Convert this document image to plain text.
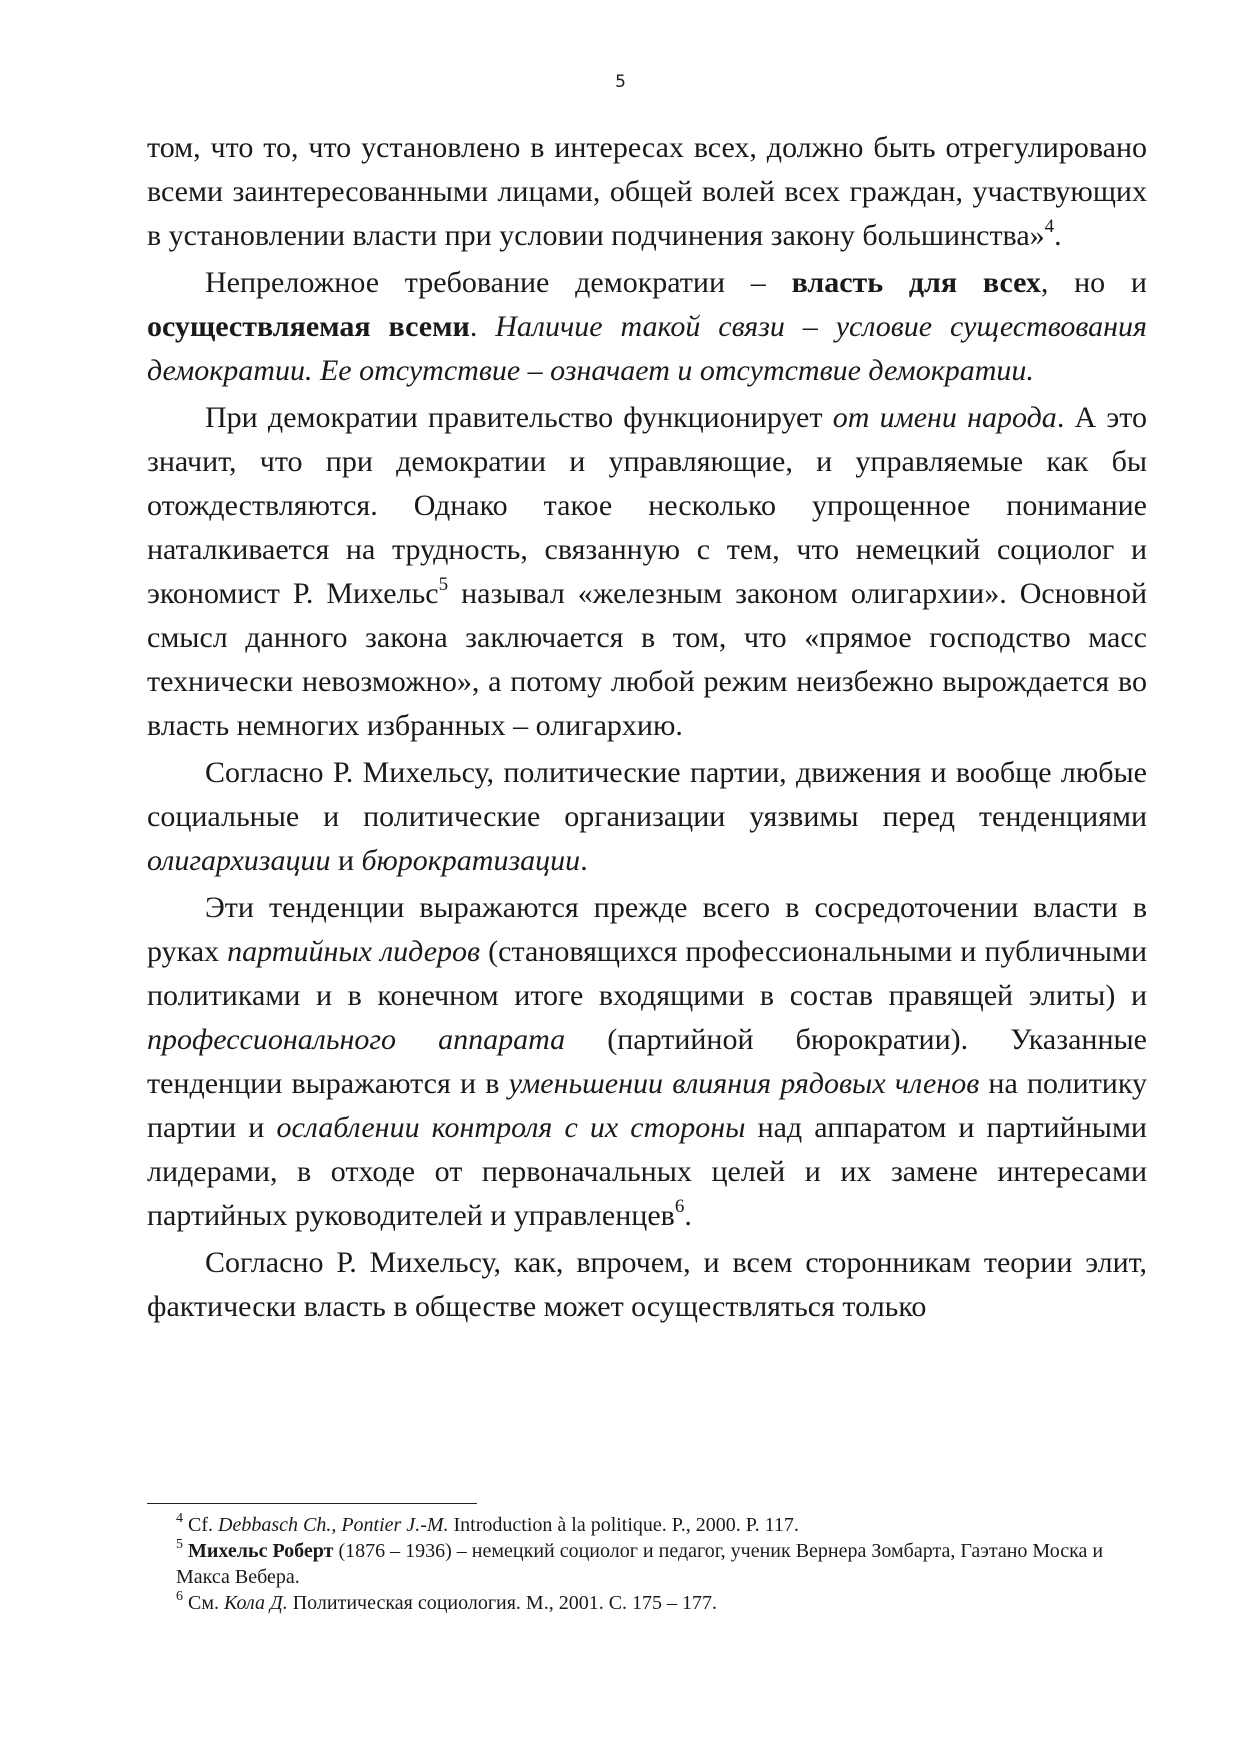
5

том, что то, что установлено в интересах всех, должно быть отрегулировано всеми заинтересованными лицами, общей волей всех граждан, участвующих в установлении власти при условии подчинения закону большинства»$^4$.

Непреложное требование демократии – власть для всех, но и осуществляемая всеми. Наличие такой связи – условие существования демократии. Ее отсутствие – означает и отсутствие демократии.

При демократии правительство функционирует от имени народа. А это значит, что при демократии и управляющие, и управляемые как бы отождествляются. Однако такое несколько упрощенное понимание наталкивается на трудность, связанную с тем, что немецкий социолог и экономист Р. Михельс$^5$ называл «железным законом олигархии». Основной смысл данного закона заключается в том, что «прямое господство масс технически невозможно», а потому любой режим неизбежно вырождается во власть немногих избранных – олигархию.

Согласно Р. Михельсу, политические партии, движения и вообще любые социальные и политические организации уязвимы перед тенденциями олигархизации и бюрократизации.

Эти тенденции выражаются прежде всего в сосредоточении власти в руках партийных лидеров (становящихся профессиональными и публичными политиками и в конечном итоге входящими в состав правящей элиты) и профессионального аппарата (партийной бюрократии). Указанные тенденции выражаются и в уменьшении влияния рядовых членов на политику партии и ослаблении контроля с их стороны над аппаратом и партийными лидерами, в отходе от первоначальных целей и их замене интересами партийных руководителей и управленцев$^6$.

Согласно Р. Михельсу, как, впрочем, и всем сторонникам теории элит, фактически власть в обществе может осуществляться только

$^4$ Cf. Debbasch Ch., Pontier J.-M. Introduction à la politique. P., 2000. P. 117.

$^5$ Михельс Роберт (1876 – 1936) – немецкий социолог и педагог, ученик Вернера Зомбарта, Гаэтано Моска и Макса Вебера.

$^6$ См. Кола Д. Политическая социология. М., 2001. С. 175 – 177.
